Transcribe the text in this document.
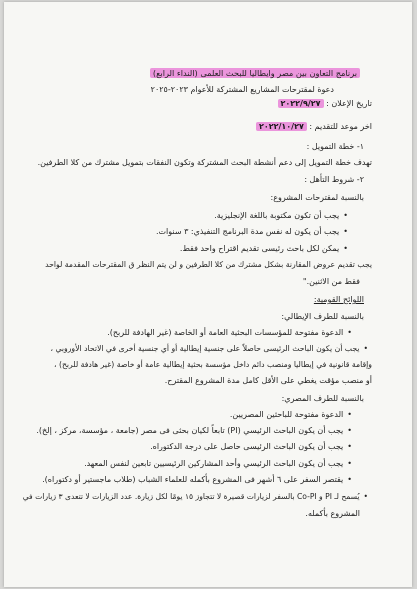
برنامج التعاون بين مصر وايطاليا للبحث العلمى (النداء الرابع)
دعوة لمقترحات المشاريع المشتركة للأعوام ٢٠٢٣-٢٠٢٥
تاريخ الإعلان : ٢٠٢٢/٩/٢٧
اخر موعد للتقديم : ٢٠٢٢/١٠/٢٧
١- خطة التمويل :
تهدف خطة التمويل إلى دعم أنشطة البحث المشتركة وتكون النفقات بتمويل مشترك من كلا الطرفين.
٢- شروط التأهل :
بالنسبة لمقترحات المشروع:
•يجب أن تكون مكتوبة باللغة الإنجليزية.
•يجب أن يكون له نفس مدة البرنامج التنفيذي: ٣ سنوات.
•يمكن لكل باحث رئيسى تقديم اقتراح واحد فقط.
يجب تقديم عروض المقارنة بشكل مشترك من كلا الطرفين و لن يتم النظر ق المقترحات المقدمة لواحد
فقط من الاثنين."
اللوائح القومية:
بالنسبة للطرف الإيطالي:
•الدعوة مفتوحة للمؤسسات البحثية العامة أو الخاصة (غير الهادفة للربح).
•يجب أن يكون الباحث الرئيسى حاصلاً على جنسية إيطالية أو أي جنسية أخرى في الاتحاد الأوروبي ،
وإقامة قانونية في إيطاليا ومنصب دائم داخل مؤسسة بحثية إيطالية عامة أو خاصة (غير هادفة للربح) ،
أو منصب مؤقت يغطي على الأقل كامل مدة المشروع المقترح.
بالنسبة للطرف المصري:
•الدعوة مفتوحة للباحثين المصريين.
•يجب أن يكون الباحث الرئيسي (PI) تابعاً لكيان بحثى فى مصر (جامعة ، مؤسسة، مركز ، إلخ).
•يجب أن يكون الباحث الرئيسى حاصل على درجة الدكتوراه.
•يجب أن يكون الباحث الرئيسي وأحد المشاركين الرئيسيين تابعين لنفس المعهد.
•يقتصر السفر على ٦ أشهر فى المشروع بأكمله للعلماء الشباب (طلاب ماجستير أو دكتوراه).
•يُسمح لـ PI و Co-PI بالسفر لزيارات قصيرة لا تتجاوز ١٥ يومًا لكل زيارة. عدد الزيارات لا تتعدى ٣ زيارات في
المشروع بأكمله.
